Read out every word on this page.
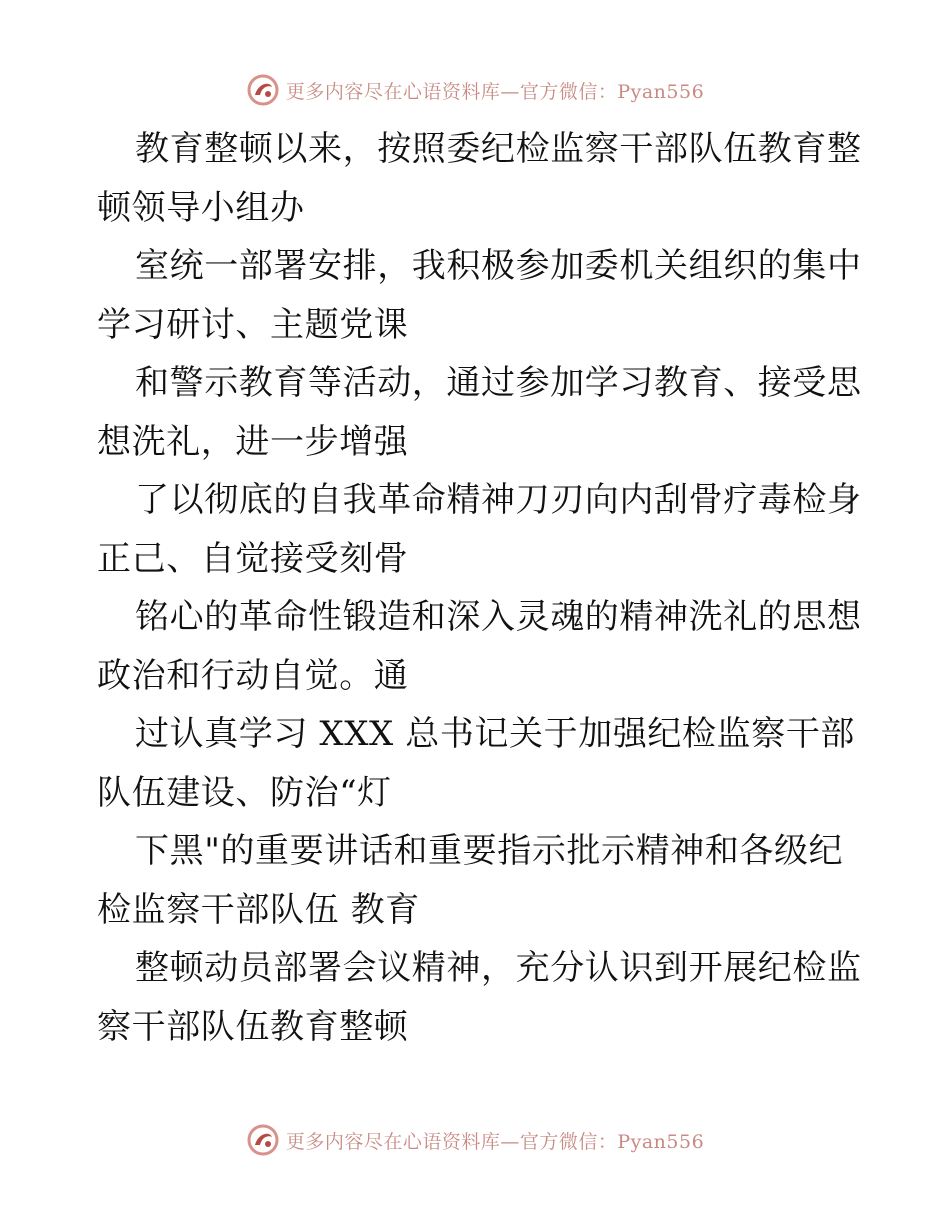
更多内容尽在心语资料库—官方微信：Pyan556

教育整顿以来，按照委纪检监察干部队伍教育整
顿领导小组办

室统一部署安排，我积极参加委机关组织的集中
学习研讨、主题党课

和警示教育等活动，通过参加学习教育、接受思
想洗礼，进一步增强

了以彻底的自我革命精神刀刃向内刮骨疗毒检身
正己、自觉接受刻骨

铭心的革命性锻造和深入灵魂的精神洗礼的思想
政治和行动自觉。通

过认真学习 XXX 总书记关于加强纪检监察干部
队伍建设、防治“灯

下黑"的重要讲话和重要指示批示精神和各级纪
检监察干部队伍 教育

整顿动员部署会议精神，充分认识到开展纪检监
察干部队伍教育整顿

更多内容尽在心语资料库—官方微信：Pyan556
